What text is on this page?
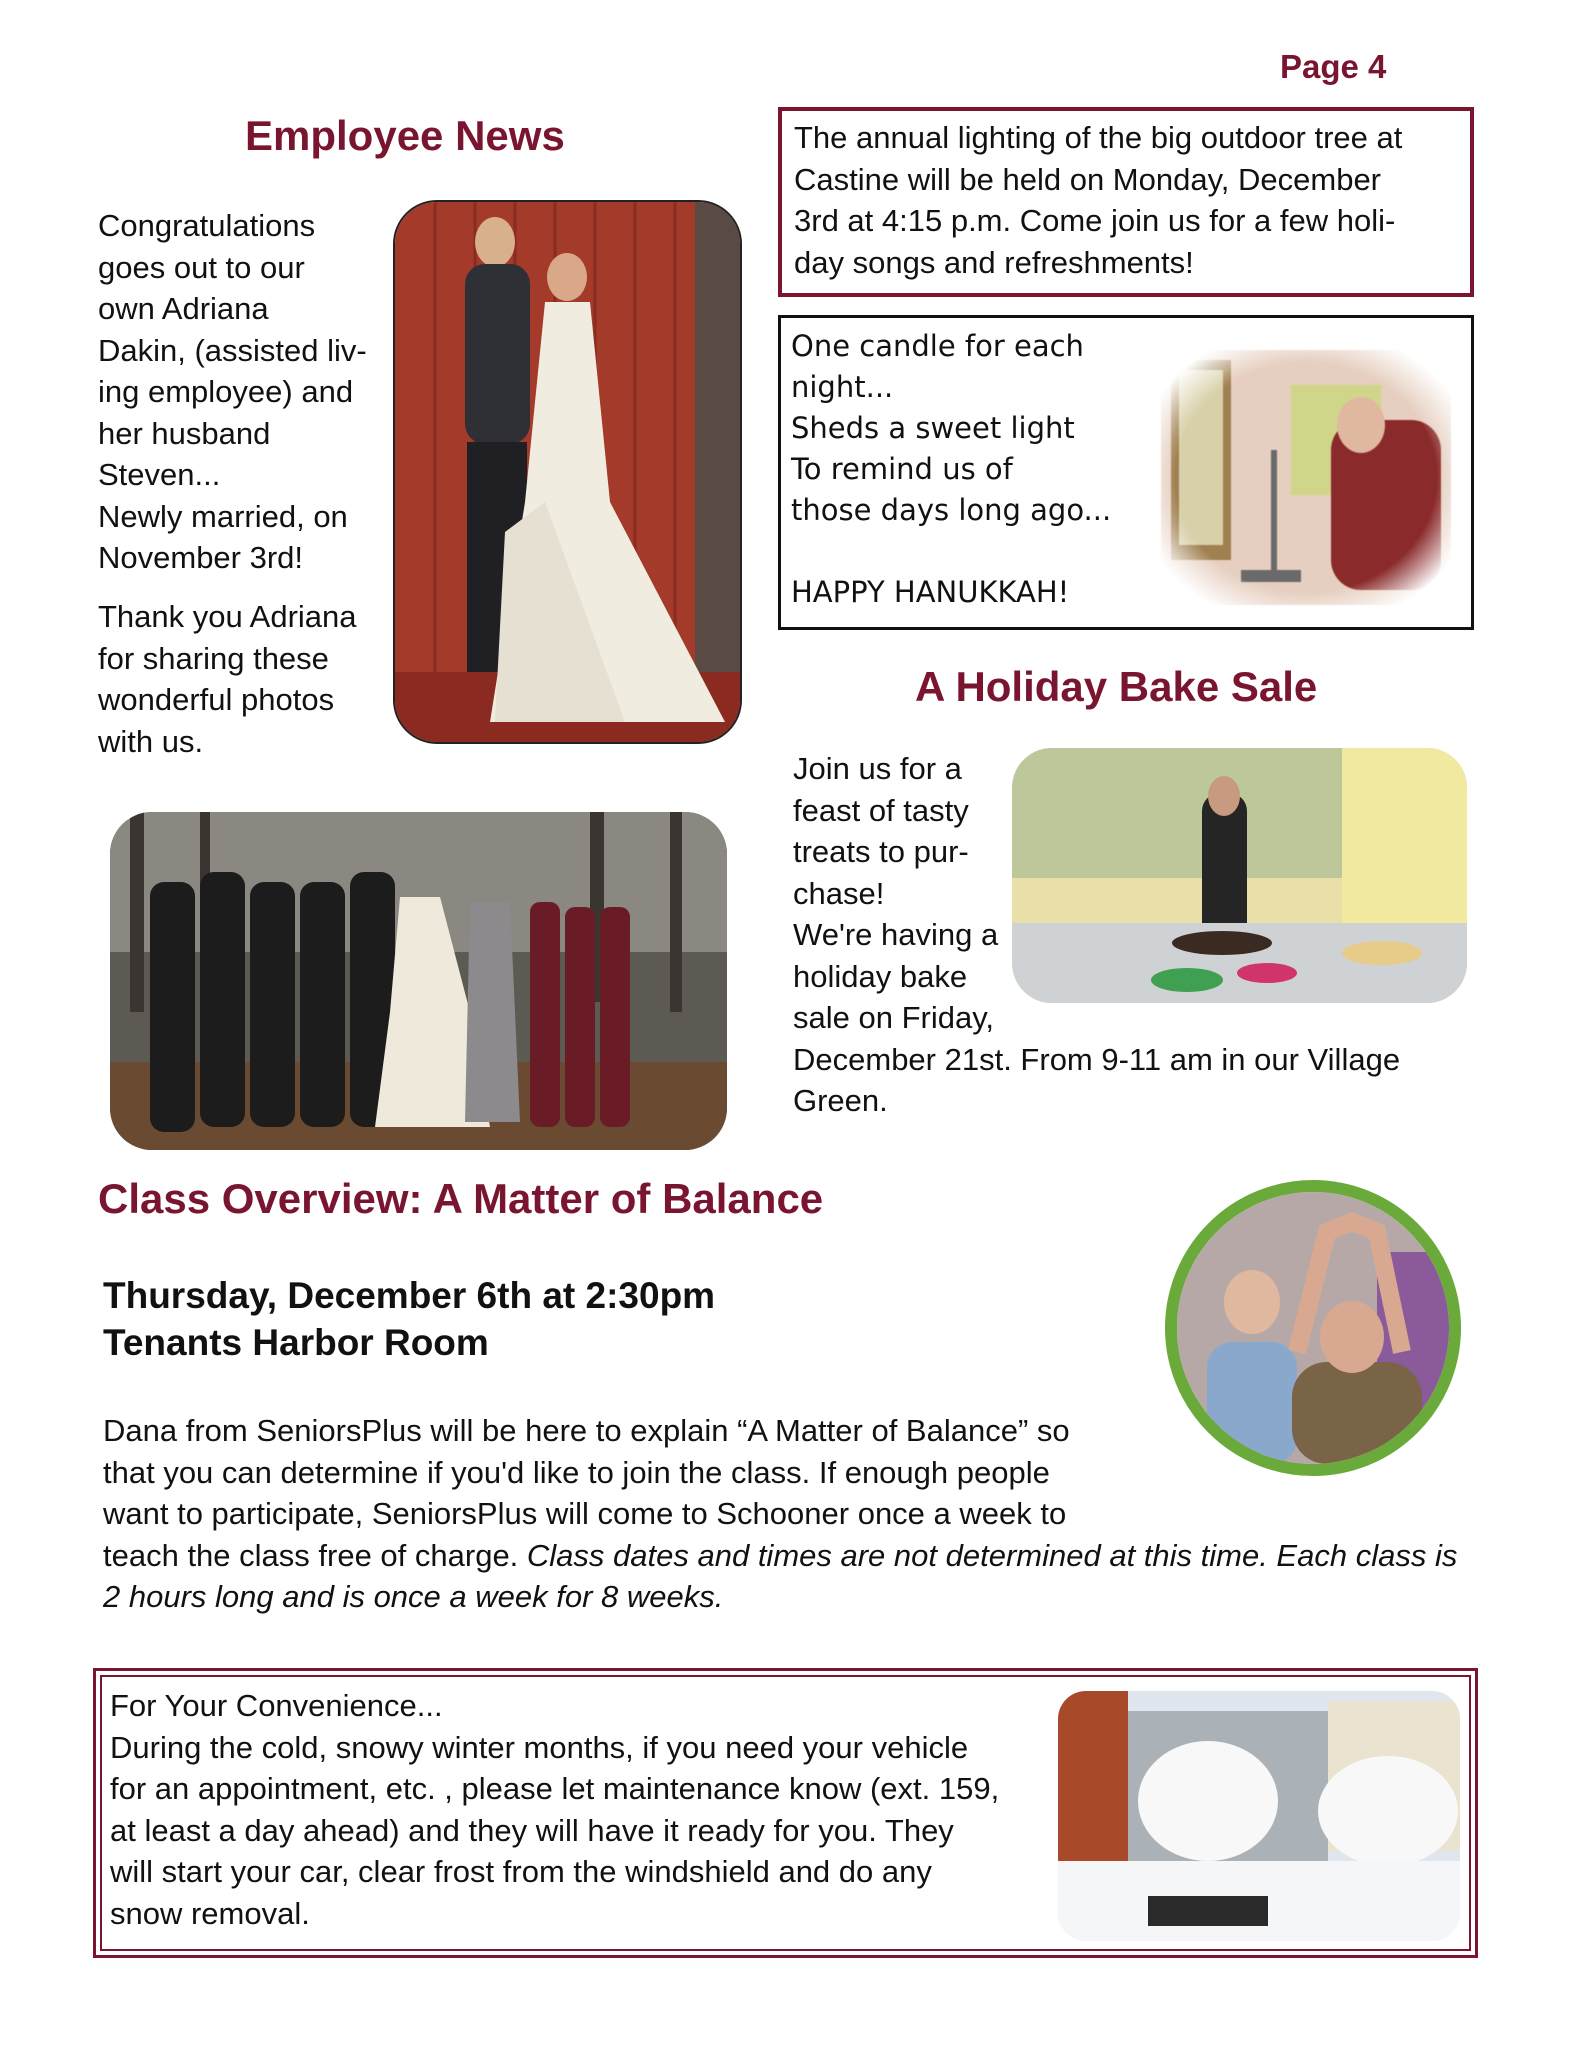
Page 4
Employee News
Congratulations
goes out to our
own Adriana
Dakin, (assisted liv-
ing employee) and
her husband
Steven...
Newly married, on
November 3rd!
Thank you Adriana
for sharing these
wonderful photos
with us.
The annual lighting of the big outdoor tree at
Castine will be held on Monday, December
3rd at 4:15 p.m. Come join us for a few holi-
day songs and refreshments!
One candle for each
night...
Sheds a sweet light
To remind us of
those days long ago...
HAPPY HANUKKAH!
A Holiday Bake Sale
Join us for a
feast of tasty
treats to pur-
chase!
We're having a
holiday bake
sale on Friday,
December 21st. From 9-11 am in our Village
Green.
Class Overview: A Matter of Balance
Thursday, December 6th at 2:30pm
Tenants Harbor Room
Dana from SeniorsPlus will be here to explain “A Matter of Balance” so
that you can determine if you'd like to join the class. If enough people
want to participate, SeniorsPlus will come to Schooner once a week to
teach the class free of charge. Class dates and times are not determined at this time. Each class is
2 hours long and is once a week for 8 weeks.
For Your Convenience...
During the cold, snowy winter months, if you need your vehicle
for an appointment, etc. , please let maintenance know (ext. 159,
at least a day ahead) and they will have it ready for you. They
will start your car, clear frost from the windshield and do any
snow removal.
